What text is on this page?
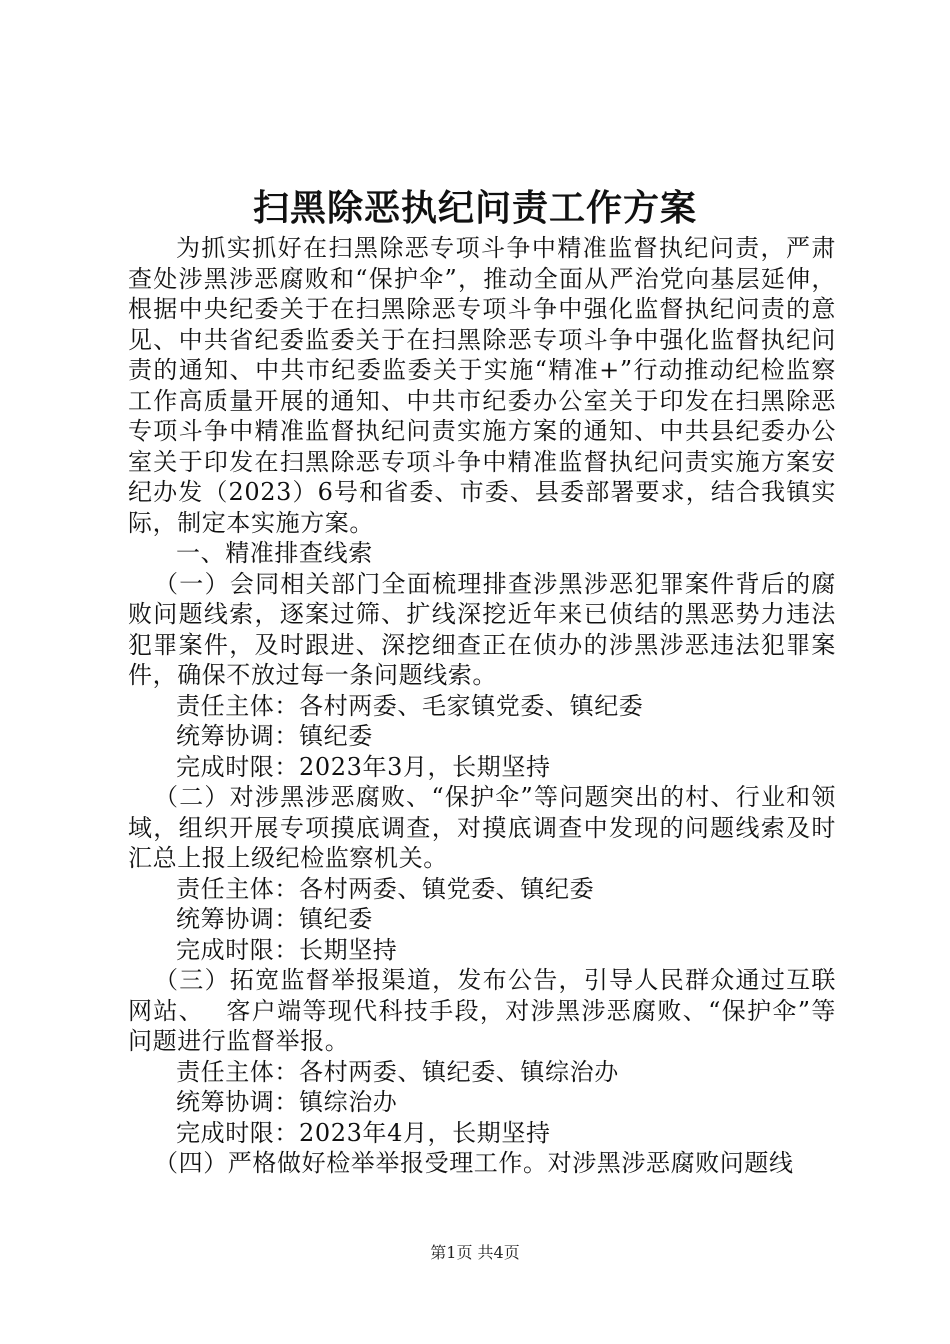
扫黑除恶执纪问责工作方案

为抓实抓好在扫黑除恶专项斗争中精准监督执纪问责，严肃查处涉黑涉恶腐败和“保护伞”，推动全面从严治党向基层延伸，根据中央纪委关于在扫黑除恶专项斗争中强化监督执纪问责的意见、中共省纪委监委关于在扫黑除恶专项斗争中强化监督执纪问责的通知、中共市纪委监委关于实施“精准+”行动推动纪检监察工作高质量开展的通知、中共市纪委办公室关于印发在扫黑除恶专项斗争中精准监督执纪问责实施方案的通知、中共县纪委办公室关于印发在扫黑除恶专项斗争中精准监督执纪问责实施方案安纪办发（2023）6号和省委、市委、县委部署要求，结合我镇实际，制定本实施方案。

一、精准排查线索

（一）会同相关部门全面梳理排查涉黑涉恶犯罪案件背后的腐败问题线索，逐案过筛、扩线深挖近年来已侦结的黑恶势力违法犯罪案件，及时跟进、深挖细查正在侦办的涉黑涉恶违法犯罪案件，确保不放过每一条问题线索。

责任主体：各村两委、毛家镇党委、镇纪委

统筹协调：镇纪委

完成时限：2023年3月，长期坚持

（二）对涉黑涉恶腐败、“保护伞”等问题突出的村、行业和领域，组织开展专项摸底调查，对摸底调查中发现的问题线索及时汇总上报上级纪检监察机关。

责任主体：各村两委、镇党委、镇纪委

统筹协调：镇纪委

完成时限：长期坚持

（三）拓宽监督举报渠道，发布公告，引导人民群众通过互联网站、　 客户端等现代科技手段，对涉黑涉恶腐败、“保护伞”等问题进行监督举报。

责任主体：各村两委、镇纪委、镇综治办

统筹协调：镇综治办

完成时限：2023年4月，长期坚持

（四）严格做好检举举报受理工作。对涉黑涉恶腐败问题线

第1页 共4页
